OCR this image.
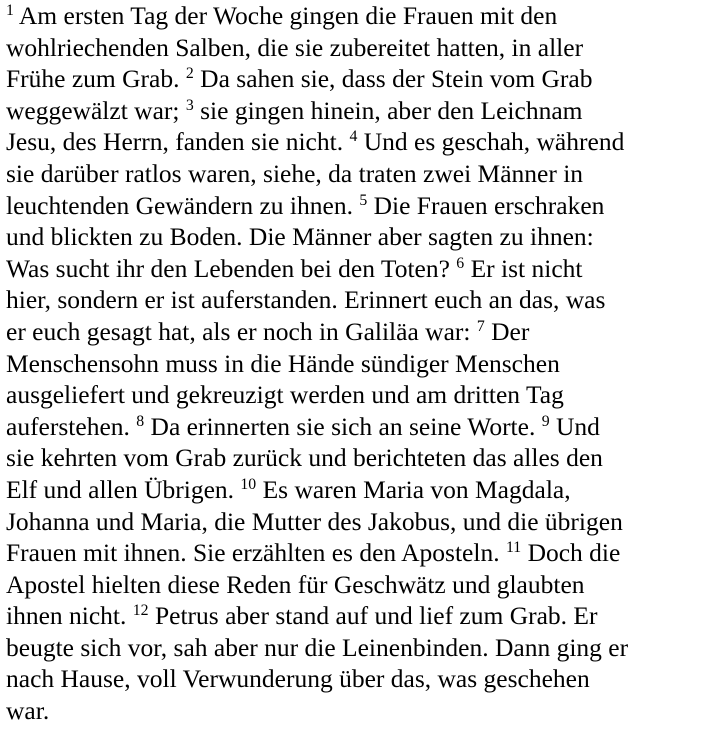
$^1$ Am ersten Tag der Woche gingen die Frauen mit den
wohlriechenden Salben, die sie zubereitet hatten, in aller
Frühe zum Grab. $^2$ Da sahen sie, dass der Stein vom Grab
weggewälzt war; $^3$ sie gingen hinein, aber den Leichnam
Jesu, des Herrn, fanden sie nicht. $^4$ Und es geschah, während
sie darüber ratlos waren, siehe, da traten zwei Männer in
leuchtenden Gewändern zu ihnen. $^5$ Die Frauen erschraken
und blickten zu Boden. Die Männer aber sagten zu ihnen:
Was sucht ihr den Lebenden bei den Toten? $^6$ Er ist nicht
hier, sondern er ist auferstanden. Erinnert euch an das, was
er euch gesagt hat, als er noch in Galiläa war: $^7$ Der
Menschensohn muss in die Hände sündiger Menschen
ausgeliefert und gekreuzigt werden und am dritten Tag
auferstehen. $^8$ Da erinnerten sie sich an seine Worte. $^9$ Und
sie kehrten vom Grab zurück und berichteten das alles den
Elf und allen Übrigen. $^{10}$ Es waren Maria von Magdala,
Johanna und Maria, die Mutter des Jakobus, und die übrigen
Frauen mit ihnen. Sie erzählten es den Aposteln. $^{11}$ Doch die
Apostel hielten diese Reden für Geschwätz und glaubten
ihnen nicht. $^{12}$ Petrus aber stand auf und lief zum Grab. Er
beugte sich vor, sah aber nur die Leinenbinden. Dann ging er
nach Hause, voll Verwunderung über das, was geschehen
war.
